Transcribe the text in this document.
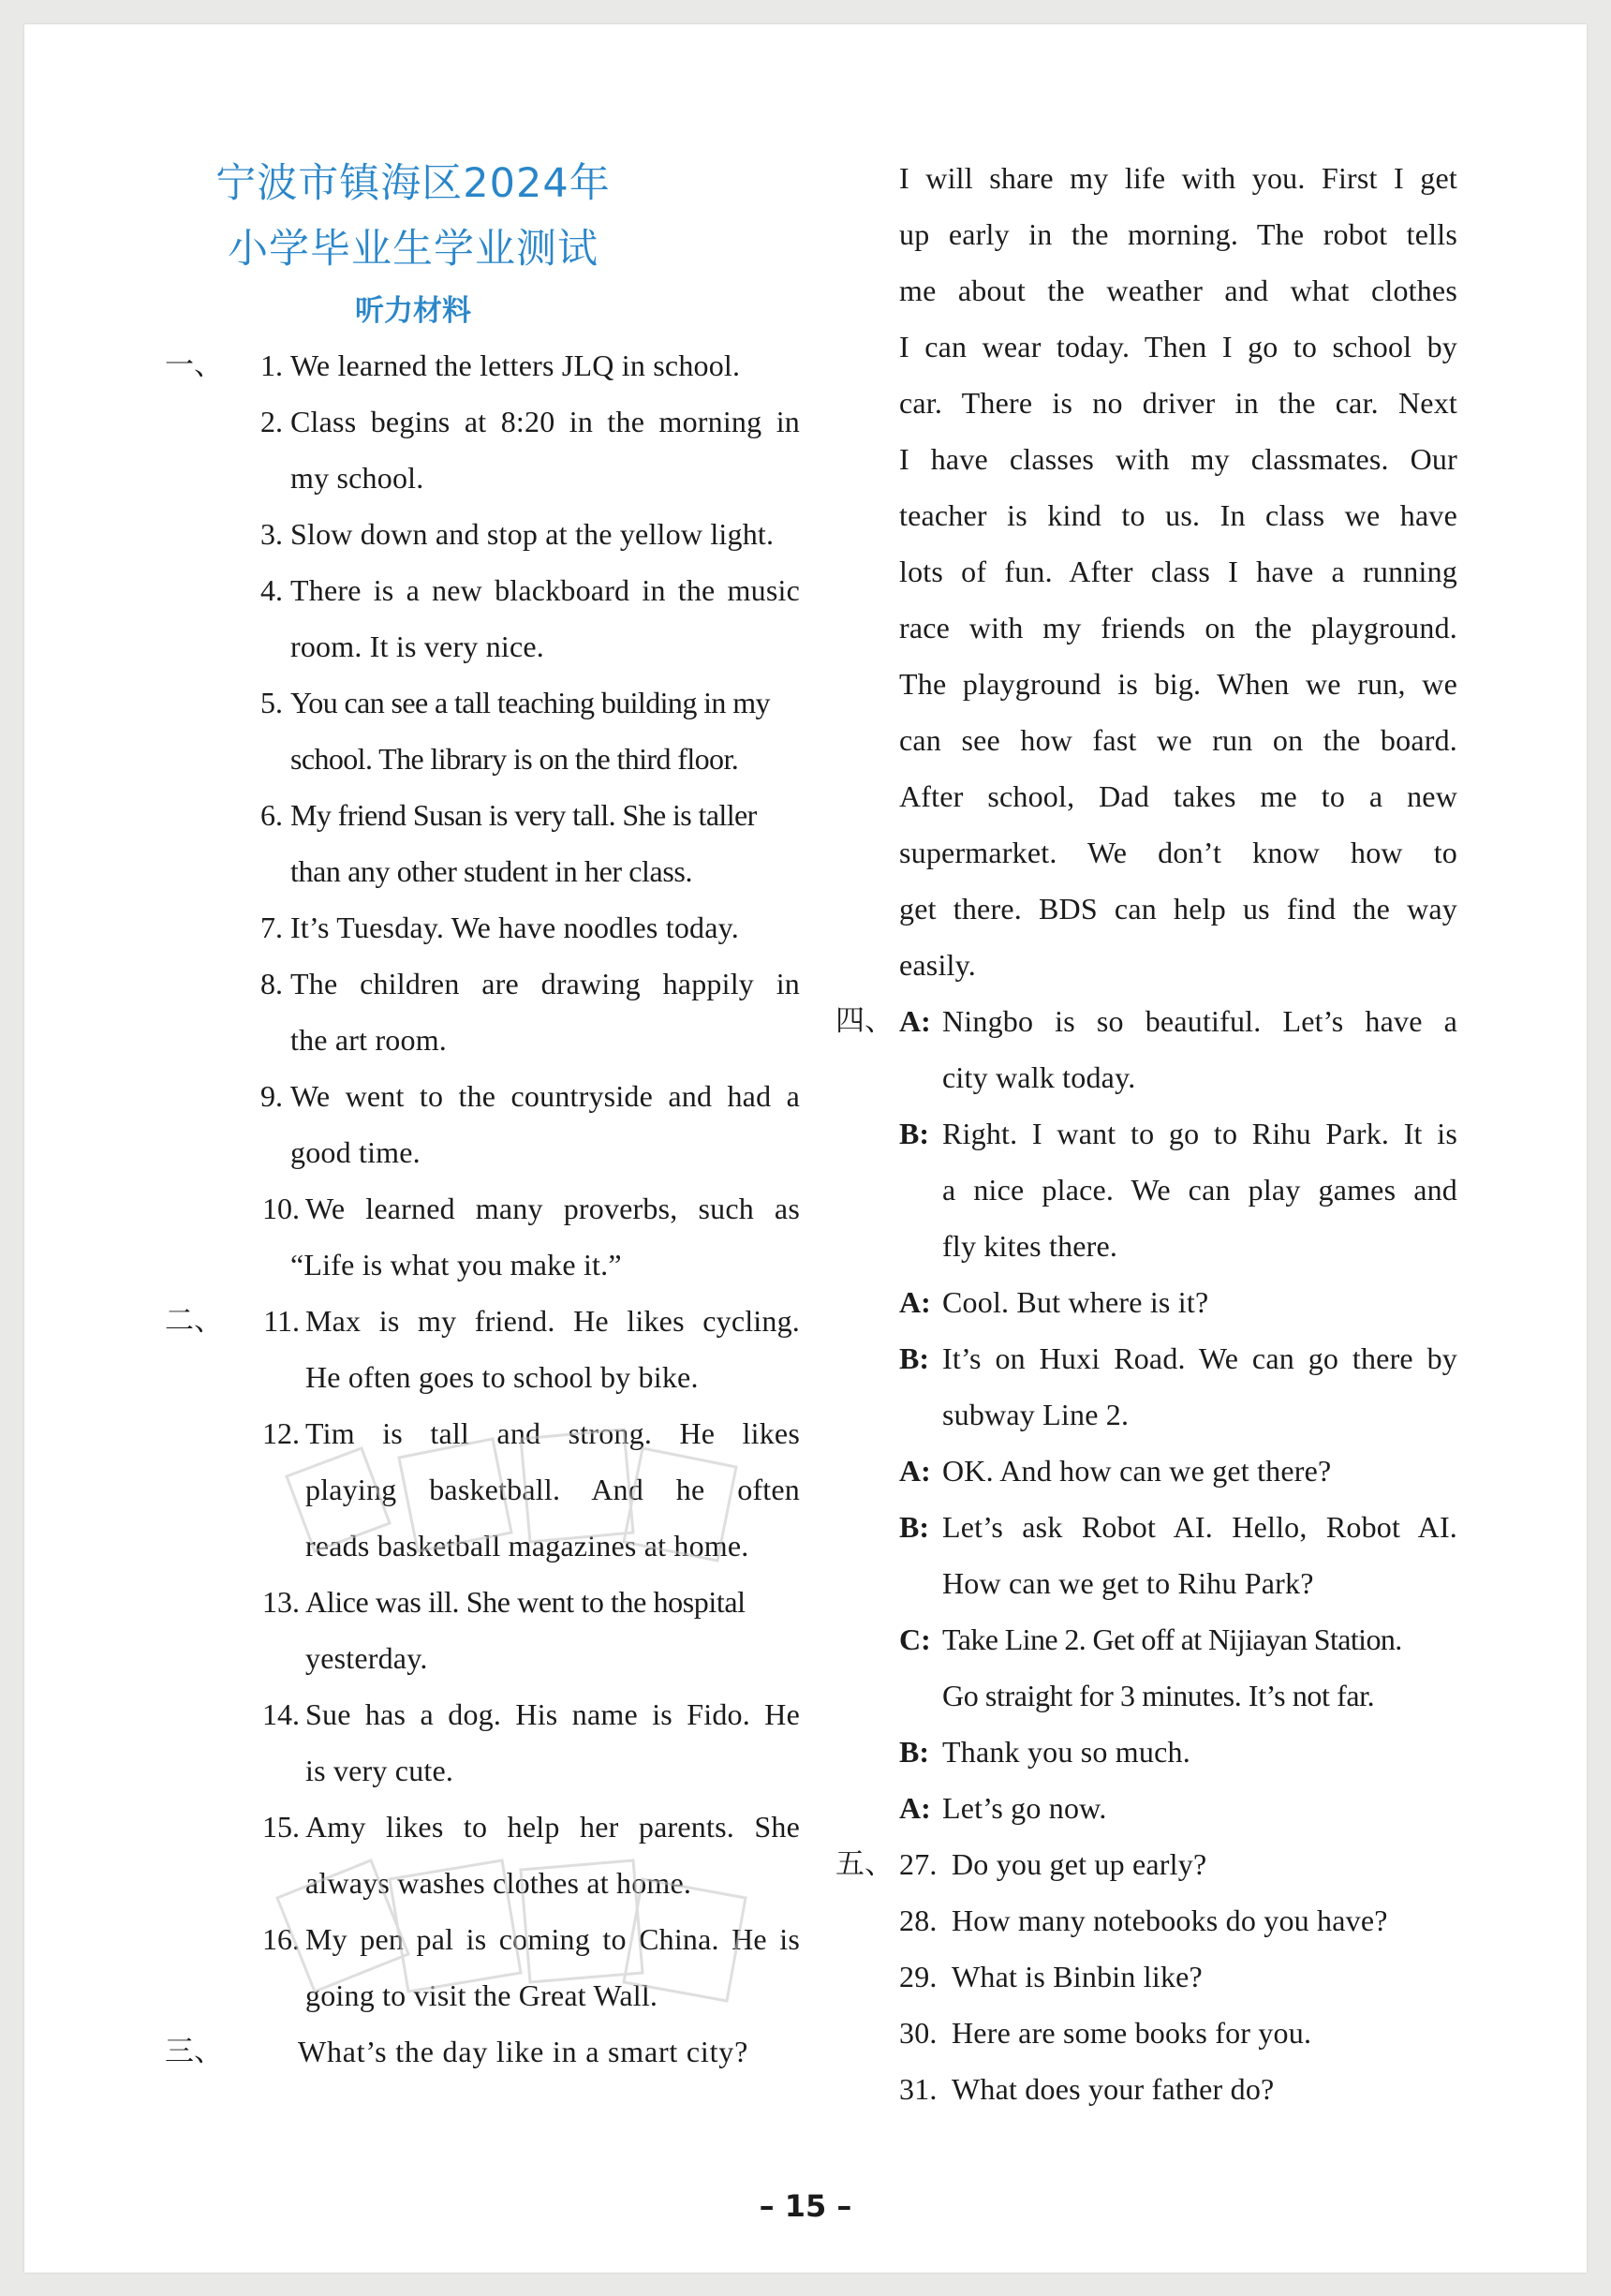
宁波市镇海区2024年
小学毕业生学业测试
听力材料
一、	1. We learned the letters JLQ in school.
2. Class begins at 8:20 in the morning in
my school.
3. Slow down and stop at the yellow light.
4. There is a new blackboard in the music
room. It is very nice.
5. You can see a tall teaching building in my
school. The library is on the third floor.
6. My friend Susan is very tall. She is taller
than any other student in her class.
7. It’s Tuesday. We have noodles today.
8. The children are drawing happily in
the art room.
9. We went to the countryside and had a
good time.
10. We learned many proverbs, such as
“Life is what you make it.”
二、	11. Max is my friend. He likes cycling.
He often goes to school by bike.
12. Tim is tall and strong. He likes
playing basketball. And he often
reads basketball magazines at home.
13. Alice was ill. She went to the hospital
yesterday.
14. Sue has a dog. His name is Fido. He
is very cute.
15. Amy likes to help her parents. She
always washes clothes at home.
16. My pen pal is coming to China. He is
going to visit the Great Wall.
三、	What’s the day like in a smart city?
I will share my life with you. First I get
up early in the morning. The robot tells
me about the weather and what clothes
I can wear today. Then I go to school by
car. There is no driver in the car. Next
I have classes with my classmates. Our
teacher is kind to us. In class we have
lots of fun. After class I have a running
race with my friends on the playground.
The playground is big. When we run, we
can see how fast we run on the board.
After school, Dad takes me to a new
supermarket. We don’t know how to
get there. BDS can help us find the way
easily.
四、 A: Ningbo is so beautiful. Let’s have a
city walk today.
B: Right. I want to go to Rihu Park. It is
a nice place. We can play games and
fly kites there.
A: Cool. But where is it?
B: It’s on Huxi Road. We can go there by
subway Line 2.
A: OK. And how can we get there?
B: Let’s ask Robot AI. Hello, Robot AI.
How can we get to Rihu Park?
C: Take Line 2. Get off at Nijiayan Station.
Go straight for 3 minutes. It’s not far.
B: Thank you so much.
A: Let’s go now.
五、 27. Do you get up early?
28. How many notebooks do you have?
29. What is Binbin like?
30. Here are some books for you.
31. What does your father do?
– 15 –
